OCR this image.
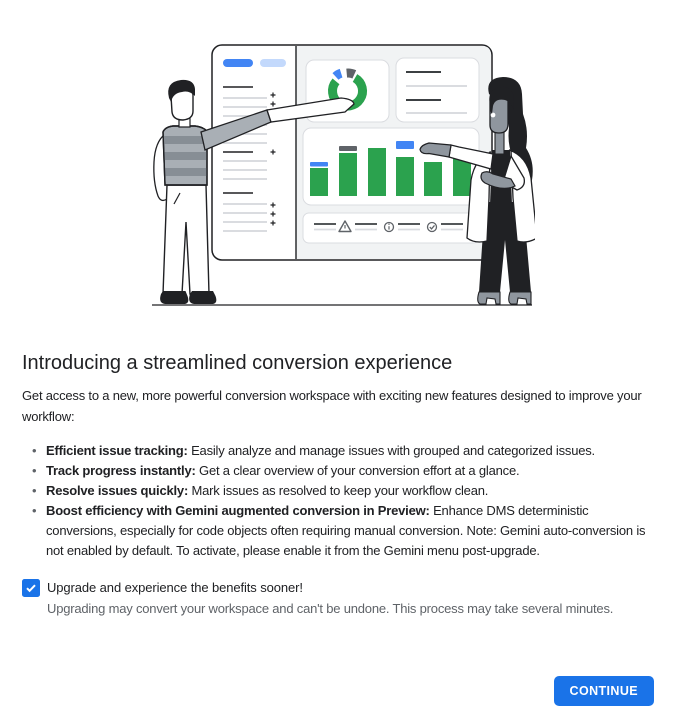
Introducing a streamlined conversion experience

Get access to a new, more powerful conversion workspace with exciting new features designed to improve your workflow:

• Efficient issue tracking: Easily analyze and manage issues with grouped and categorized issues.
• Track progress instantly: Get a clear overview of your conversion effort at a glance.
• Resolve issues quickly: Mark issues as resolved to keep your workflow clean.
• Boost efficiency with Gemini augmented conversion in Preview: Enhance DMS deterministic conversions, especially for code objects often requiring manual conversion. Note: Gemini auto-conversion is not enabled by default. To activate, please enable it from the Gemini menu post-upgrade.
Upgrade and experience the benefits sooner!
Upgrading may convert your workspace and can't be undone. This process may take several minutes.
CONTINUE
